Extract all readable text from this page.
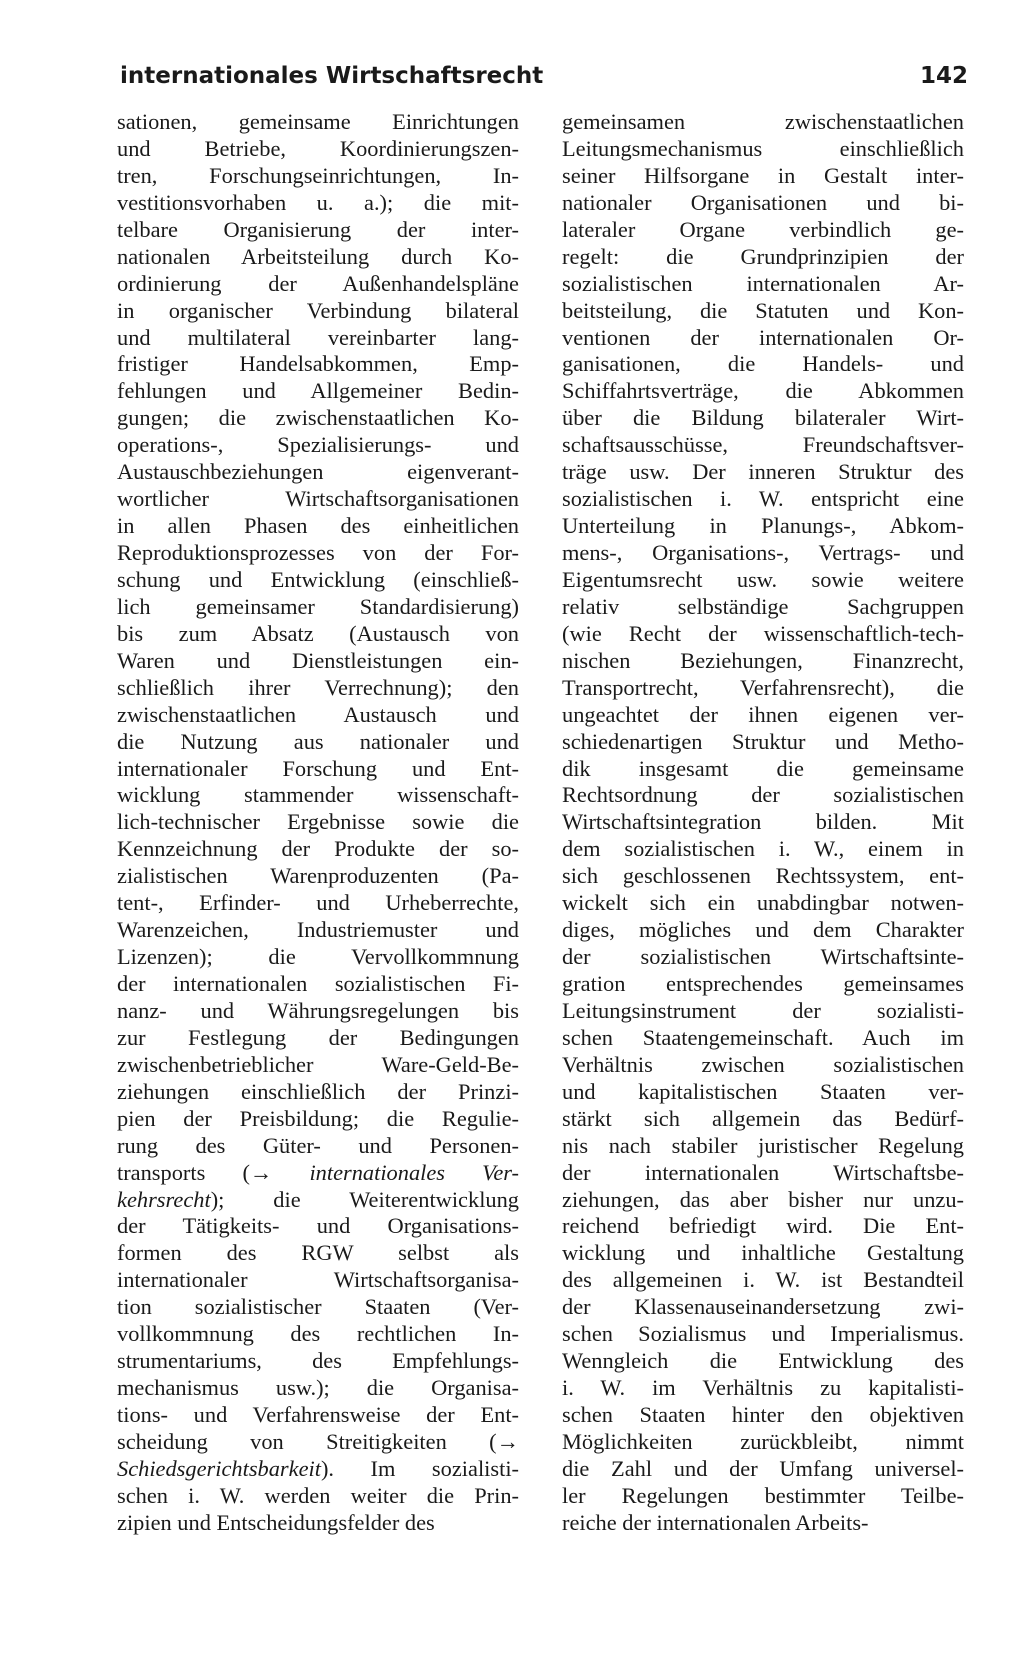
internationales Wirtschaftsrecht	142
sationen, gemeinsame Einrichtungen
und Betriebe, Koordinierungszen-
tren, Forschungseinrichtungen, In-
vestitionsvorhaben u. a.); die mit-
telbare Organisierung der inter-
nationalen Arbeitsteilung durch Ko-
ordinierung der Außenhandelspläne
in organischer Verbindung bilateral
und multilateral vereinbarter lang-
fristiger Handelsabkommen, Emp-
fehlungen und Allgemeiner Bedin-
gungen; die zwischenstaatlichen Ko-
operations-, Spezialisierungs- und
Austauschbeziehungen eigenverant-
wortlicher Wirtschaftsorganisationen
in allen Phasen des einheitlichen
Reproduktionsprozesses von der For-
schung und Entwicklung (einschließ-
lich gemeinsamer Standardisierung)
bis zum Absatz (Austausch von
Waren und Dienstleistungen ein-
schließlich ihrer Verrechnung); den
zwischenstaatlichen Austausch und
die Nutzung aus nationaler und
internationaler Forschung und Ent-
wicklung stammender wissenschaft-
lich-technischer Ergebnisse sowie die
Kennzeichnung der Produkte der so-
zialistischen Warenproduzenten (Pa-
tent-, Erfinder- und Urheberrechte,
Warenzeichen, Industriemuster und
Lizenzen); die Vervollkommnung
der internationalen sozialistischen Fi-
nanz- und Währungsregelungen bis
zur Festlegung der Bedingungen
zwischenbetrieblicher Ware-Geld-Be-
ziehungen einschließlich der Prinzi-
pien der Preisbildung; die Regulie-
rung des Güter- und Personen-
transports (→ internationales Ver-
kehrsrecht); die Weiterentwicklung
der Tätigkeits- und Organisations-
formen des RGW selbst als
internationaler Wirtschaftsorganisa-
tion sozialistischer Staaten (Ver-
vollkommnung des rechtlichen In-
strumentariums, des Empfehlungs-
mechanismus usw.); die Organisa-
tions- und Verfahrensweise der Ent-
scheidung von Streitigkeiten (→
Schiedsgerichtsbarkeit). Im sozialisti-
schen i. W. werden weiter die Prin-
zipien und Entscheidungsfelder des
gemeinsamen zwischenstaatlichen
Leitungsmechanismus einschließlich
seiner Hilfsorgane in Gestalt inter-
nationaler Organisationen und bi-
lateraler Organe verbindlich ge-
regelt: die Grundprinzipien der
sozialistischen internationalen Ar-
beitsteilung, die Statuten und Kon-
ventionen der internationalen Or-
ganisationen, die Handels- und
Schiffahrtsverträge, die Abkommen
über die Bildung bilateraler Wirt-
schaftsausschüsse, Freundschaftsver-
träge usw. Der inneren Struktur des
sozialistischen i. W. entspricht eine
Unterteilung in Planungs-, Abkom-
mens-, Organisations-, Vertrags- und
Eigentumsrecht usw. sowie weitere
relativ selbständige Sachgruppen
(wie Recht der wissenschaftlich-tech-
nischen Beziehungen, Finanzrecht,
Transportrecht, Verfahrensrecht), die
ungeachtet der ihnen eigenen ver-
schiedenartigen Struktur und Metho-
dik insgesamt die gemeinsame
Rechtsordnung der sozialistischen
Wirtschaftsintegration bilden. Mit
dem sozialistischen i. W., einem in
sich geschlossenen Rechtssystem, ent-
wickelt sich ein unabdingbar notwen-
diges, mögliches und dem Charakter
der sozialistischen Wirtschaftsinte-
gration entsprechendes gemeinsames
Leitungsinstrument der sozialisti-
schen Staatengemeinschaft. Auch im
Verhältnis zwischen sozialistischen
und kapitalistischen Staaten ver-
stärkt sich allgemein das Bedürf-
nis nach stabiler juristischer Regelung
der internationalen Wirtschaftsbe-
ziehungen, das aber bisher nur unzu-
reichend befriedigt wird. Die Ent-
wicklung und inhaltliche Gestaltung
des allgemeinen i. W. ist Bestandteil
der Klassenauseinandersetzung zwi-
schen Sozialismus und Imperialismus.
Wenngleich die Entwicklung des
i. W. im Verhältnis zu kapitalisti-
schen Staaten hinter den objektiven
Möglichkeiten zurückbleibt, nimmt
die Zahl und der Umfang universel-
ler Regelungen bestimmter Teilbe-
reiche der internationalen Arbeits-
